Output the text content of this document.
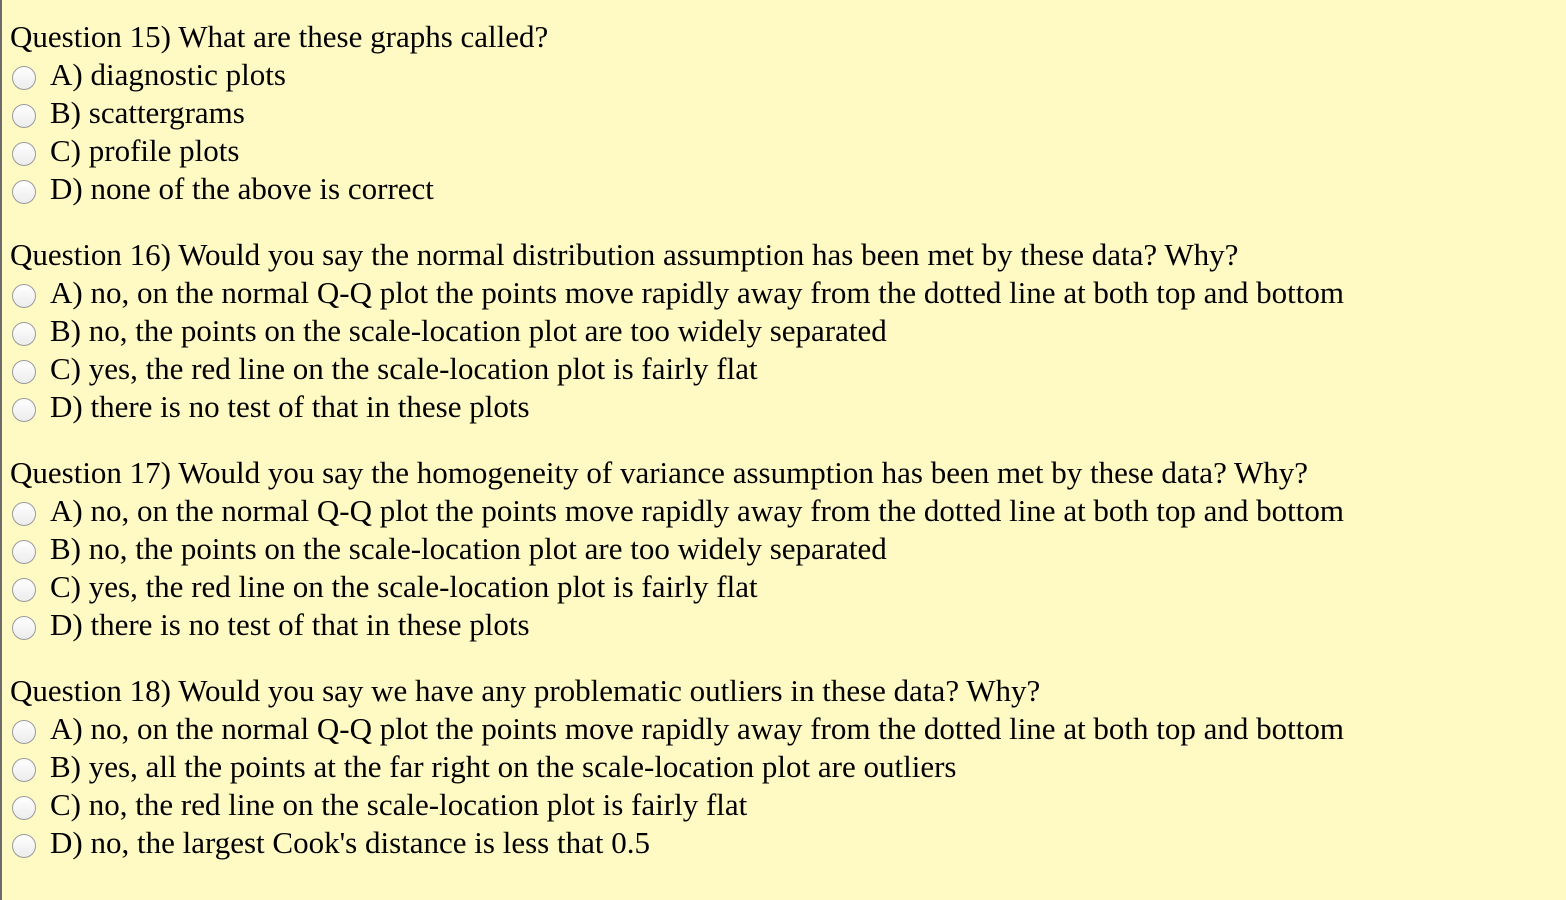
Question 15) What are these graphs called?
A) diagnostic plots
B) scattergrams
C) profile plots
D) none of the above is correct
Question 16) Would you say the normal distribution assumption has been met by these data? Why?
A) no, on the normal Q-Q plot the points move rapidly away from the dotted line at both top and bottom
B) no, the points on the scale-location plot are too widely separated
C) yes, the red line on the scale-location plot is fairly flat
D) there is no test of that in these plots
Question 17) Would you say the homogeneity of variance assumption has been met by these data? Why?
A) no, on the normal Q-Q plot the points move rapidly away from the dotted line at both top and bottom
B) no, the points on the scale-location plot are too widely separated
C) yes, the red line on the scale-location plot is fairly flat
D) there is no test of that in these plots
Question 18) Would you say we have any problematic outliers in these data? Why?
A) no, on the normal Q-Q plot the points move rapidly away from the dotted line at both top and bottom
B) yes, all the points at the far right on the scale-location plot are outliers
C) no, the red line on the scale-location plot is fairly flat
D) no, the largest Cook's distance is less that 0.5
